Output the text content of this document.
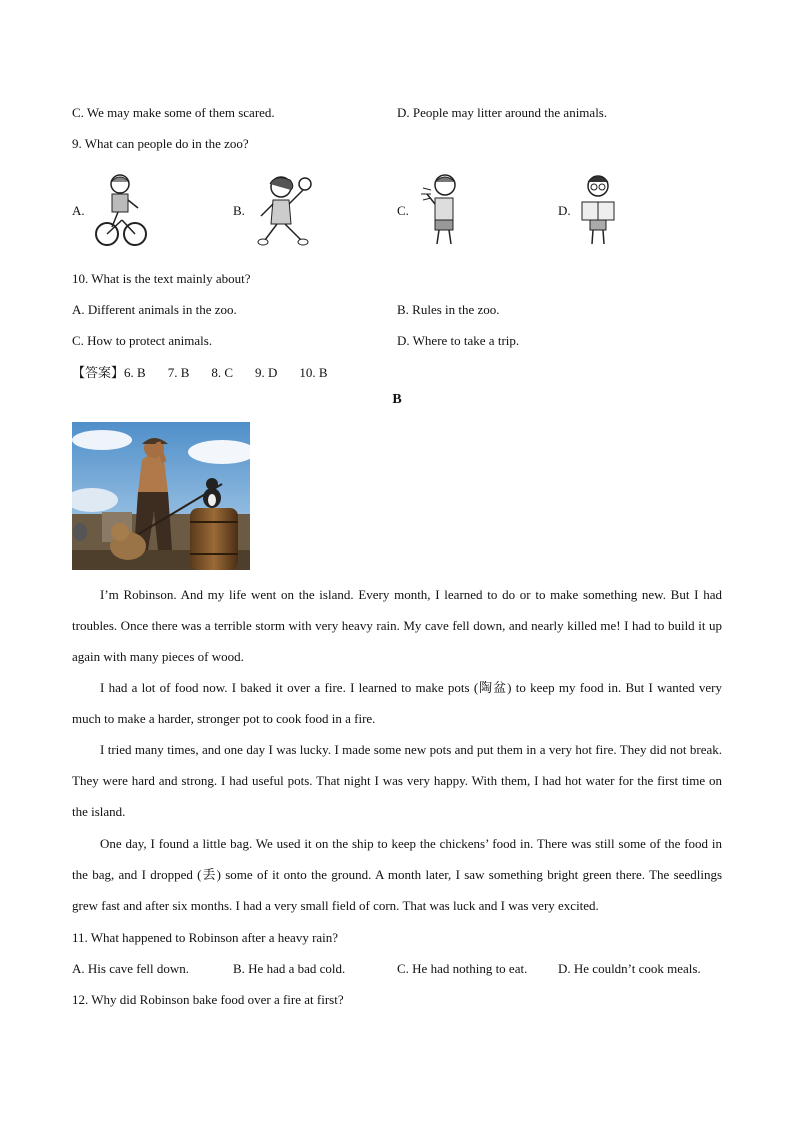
C. We may make some of them scared.	D. People may litter around the animals.
9. What can people do in the zoo?
A.	B.	C.	D.
10. What is the text mainly about?
A. Different animals in the zoo.	B. Rules in the zoo.
C. How to protect animals.	D. Where to take a trip.
【答案】6. B 7. B 8. C 9. D 10. B
B
I’m Robinson. And my life went on the island. Every month, I learned to do or to make something new. But I had troubles. Once there was a terrible storm with very heavy rain. My cave fell down, and nearly killed me! I had to build it up again with many pieces of wood.
I had a lot of food now. I baked it over a fire. I learned to make pots (陶盆) to keep my food in. But I wanted very much to make a harder, stronger pot to cook food in a fire.
I tried many times, and one day I was lucky. I made some new pots and put them in a very hot fire. They did not break. They were hard and strong. I had useful pots. That night I was very happy. With them, I had hot water for the first time on the island.
One day, I found a little bag. We used it on the ship to keep the chickens’ food in. There was still some of the food in the bag, and I dropped (丢) some of it onto the ground. A month later, I saw something bright green there. The seedlings grew fast and after six months. I had a very small field of corn. That was luck and I was very excited.
11. What happened to Robinson after a heavy rain?
A. His cave fell down.	B. He had a bad cold.	C. He had nothing to eat. D. He couldn’t cook meals.
12. Why did Robinson bake food over a fire at first?
